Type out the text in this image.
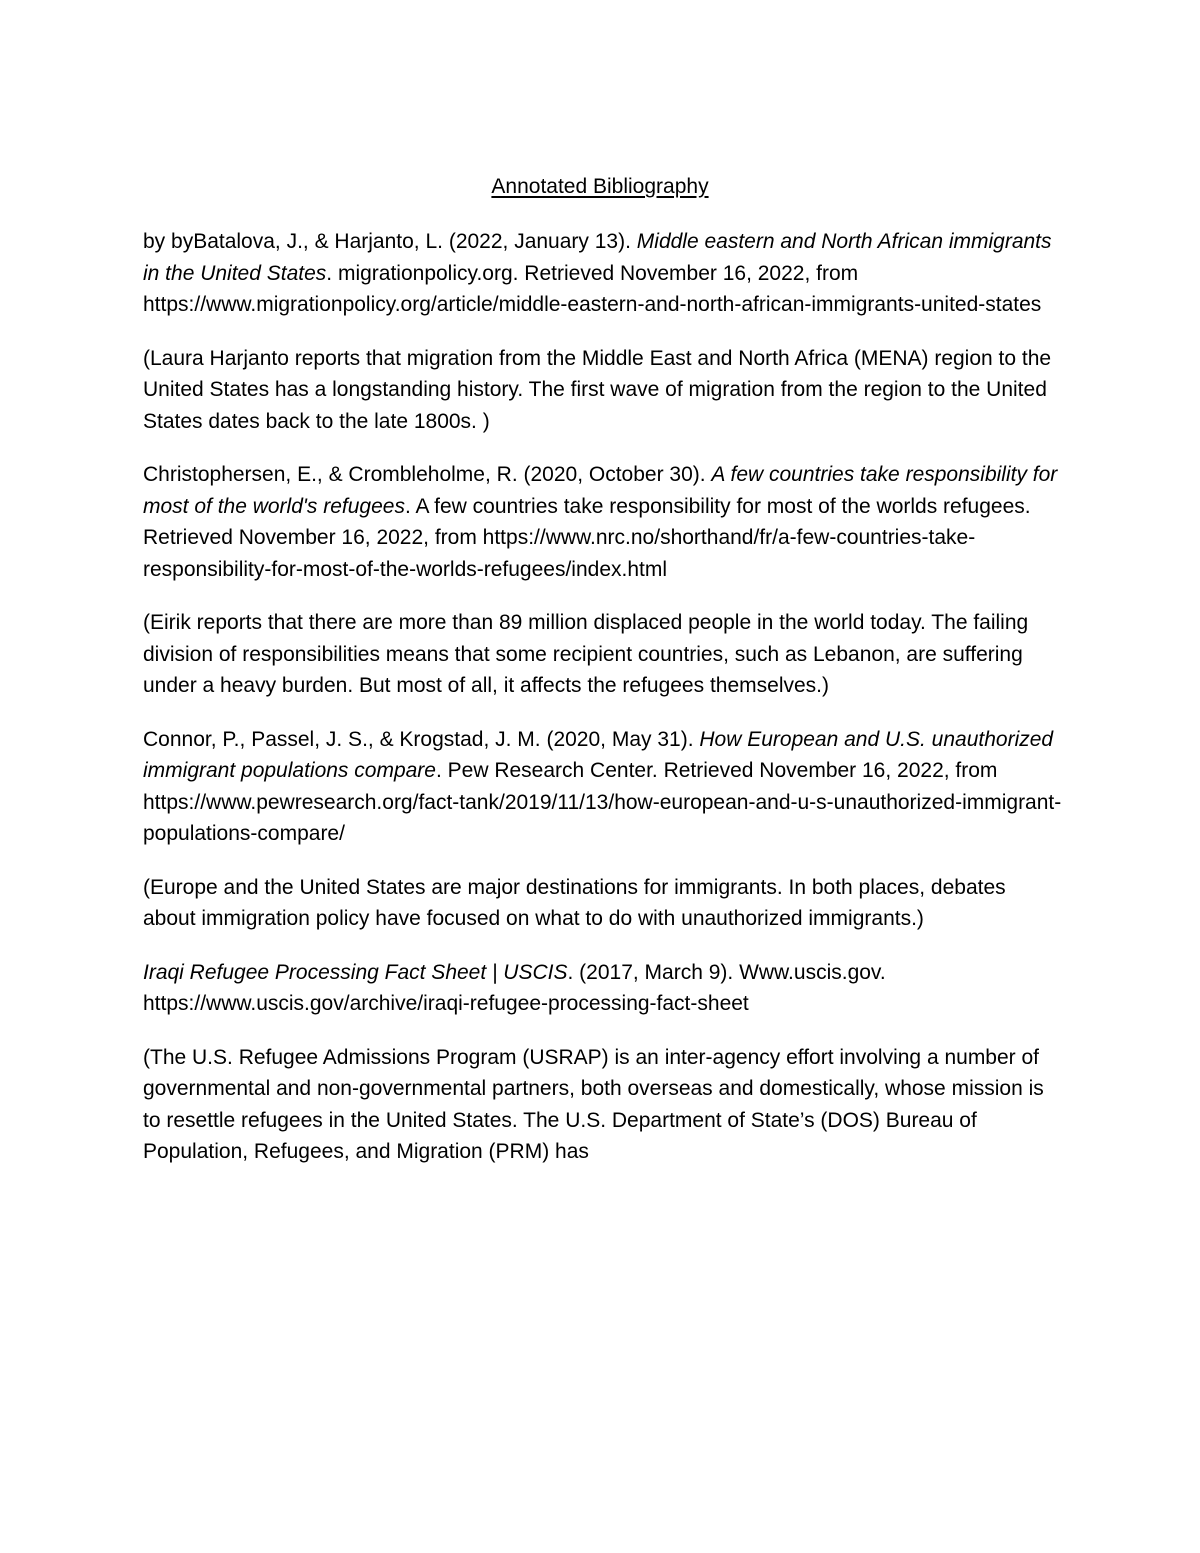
Annotated Bibliography

by byBatalova, J., & Harjanto, L. (2022, January 13). Middle eastern and North African immigrants in the United States. migrationpolicy.org. Retrieved November 16, 2022, from https://www.migrationpolicy.org/article/middle-eastern-and-north-african-immigrants-united-states

(Laura Harjanto reports that migration from the Middle East and North Africa (MENA) region to the United States has a longstanding history. The first wave of migration from the region to the United States dates back to the late 1800s. )

Christophersen, E., & Crombleholme, R. (2020, October 30). A few countries take responsibility for most of the world's refugees. A few countries take responsibility for most of the worlds refugees. Retrieved November 16, 2022, from https://www.nrc.no/shorthand/fr/a-few-countries-take-responsibility-for-most-of-the-worlds-refugees/index.html

(Eirik reports that there are more than 89 million displaced people in the world today. The failing division of responsibilities means that some recipient countries, such as Lebanon, are suffering under a heavy burden. But most of all, it affects the refugees themselves.)

Connor, P., Passel, J. S., & Krogstad, J. M. (2020, May 31). How European and U.S. unauthorized immigrant populations compare. Pew Research Center. Retrieved November 16, 2022, from https://www.pewresearch.org/fact-tank/2019/11/13/how-european-and-u-s-unauthorized-immigrant-populations-compare/

(Europe and the United States are major destinations for immigrants. In both places, debates about immigration policy have focused on what to do with unauthorized immigrants.)

Iraqi Refugee Processing Fact Sheet | USCIS. (2017, March 9). Www.uscis.gov. https://www.uscis.gov/archive/iraqi-refugee-processing-fact-sheet

(The U.S. Refugee Admissions Program (USRAP) is an inter-agency effort involving a number of governmental and non-governmental partners, both overseas and domestically, whose mission is to resettle refugees in the United States. The U.S. Department of State’s (DOS) Bureau of Population, Refugees, and Migration (PRM) has
